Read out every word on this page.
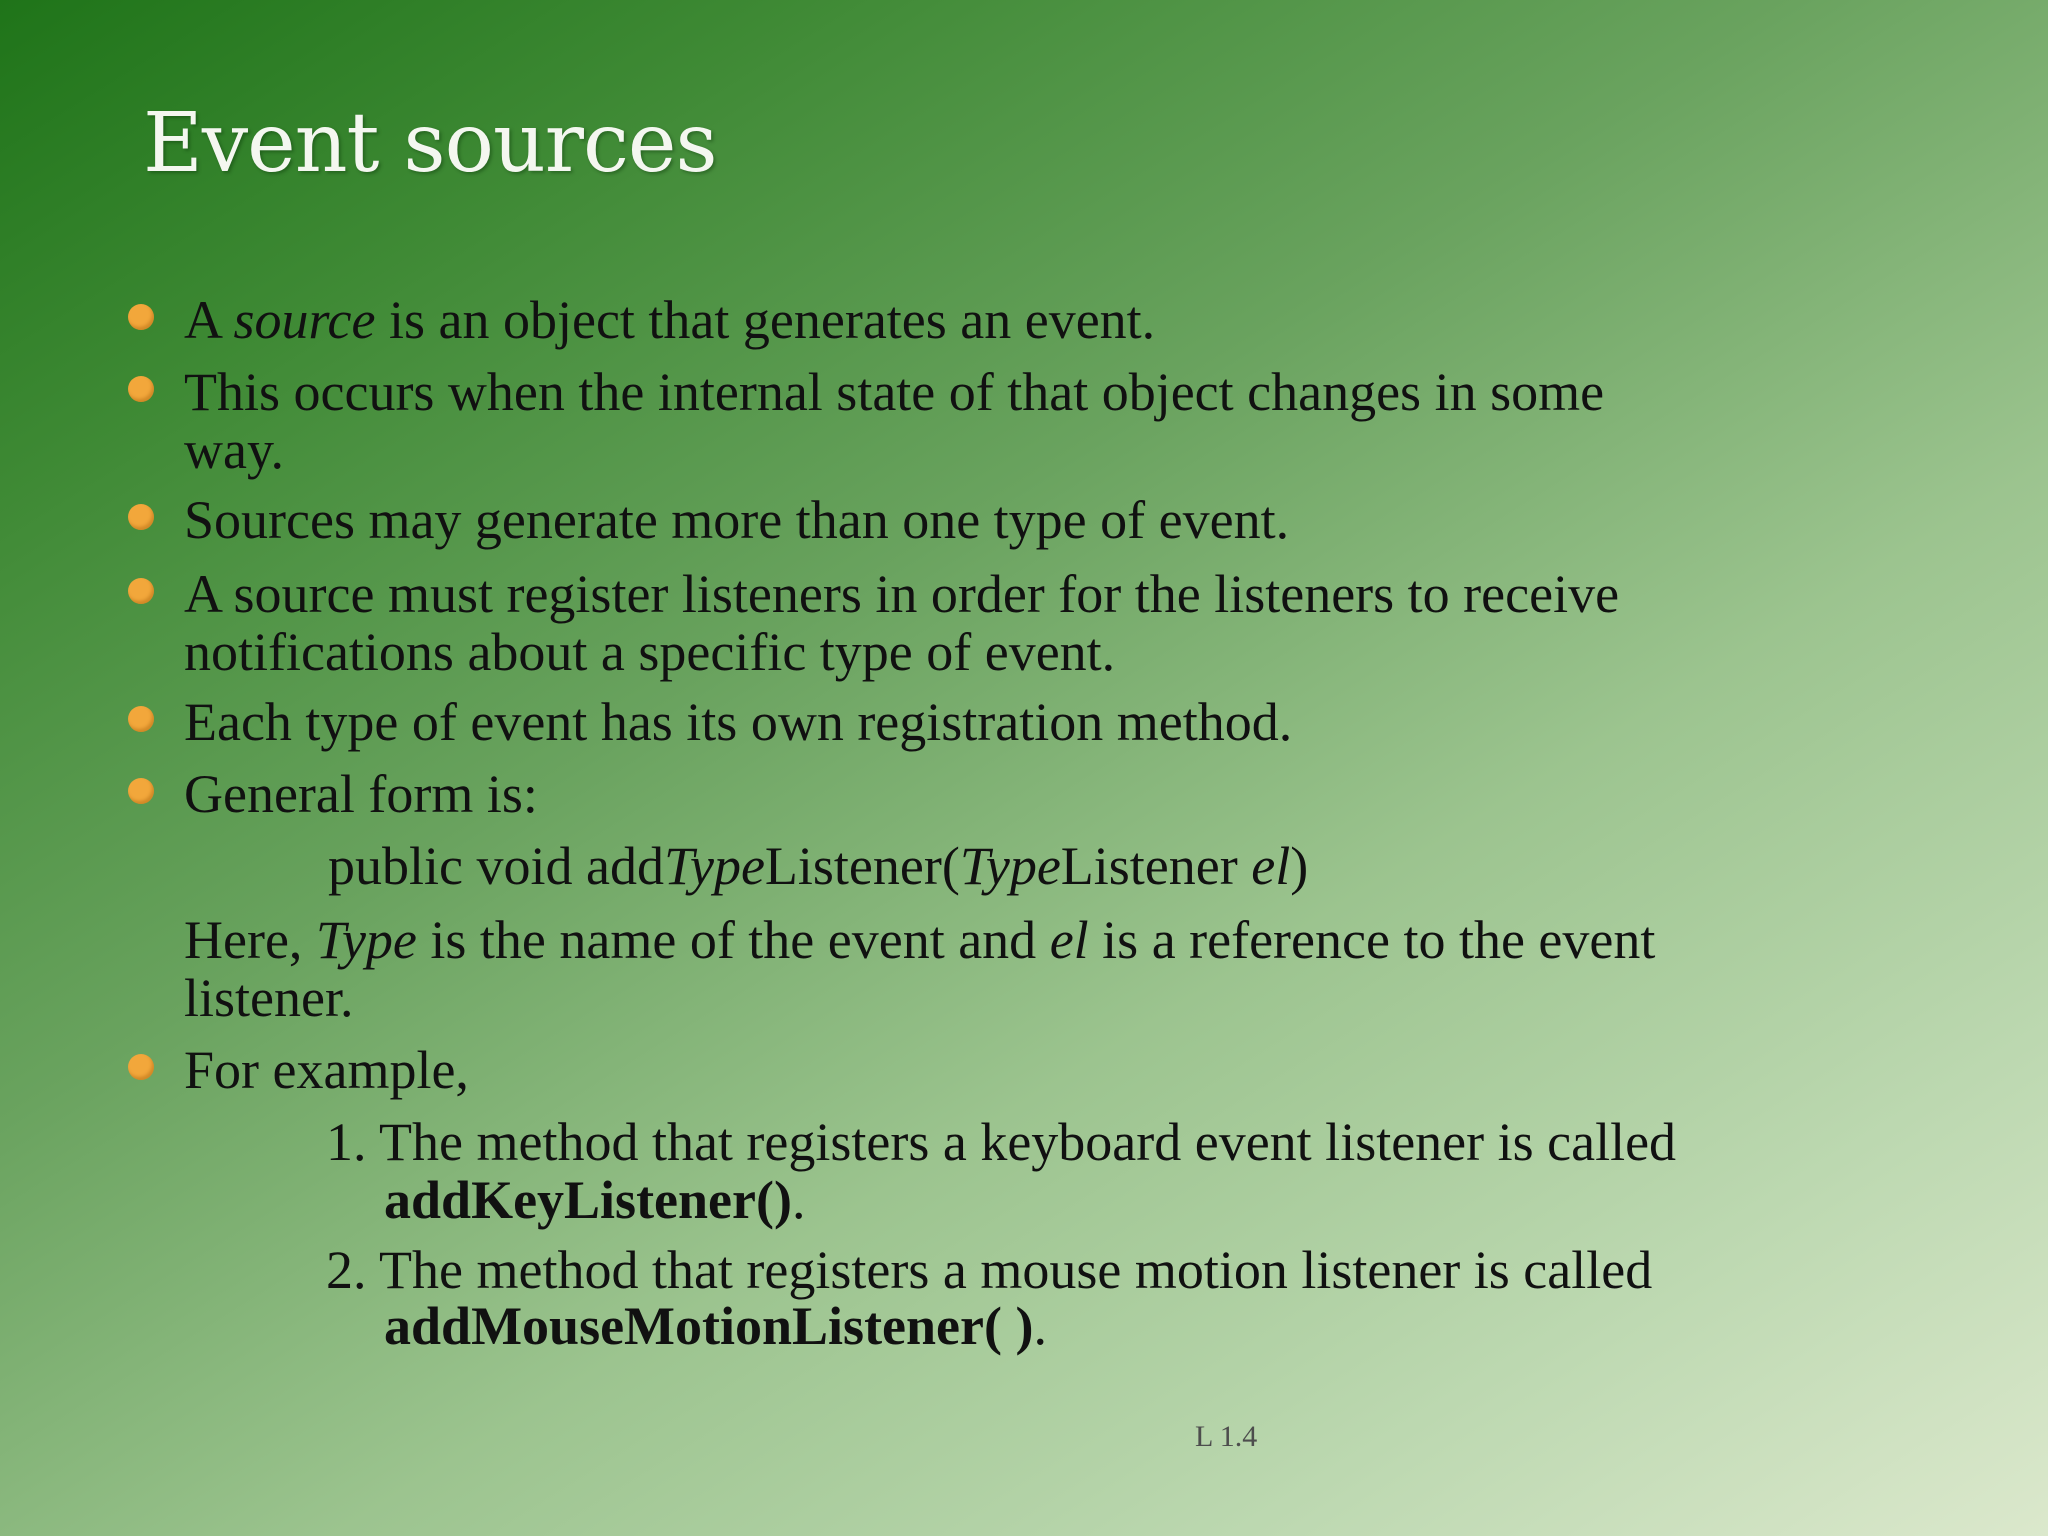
Event sources
A source is an object that generates an event.
This occurs when the internal state of that object changes in some
way.
Sources may generate more than one type of event.
A source must register listeners in order for the listeners to receive
notifications about a specific type of event.
Each type of event has its own registration method.
General form is:
public void addTypeListener(TypeListener el)
Here, Type is the name of the event and el is a reference to the event
listener.
For example,
1. The method that registers a keyboard event listener is called
addKeyListener().
2. The method that registers a mouse motion listener is called
addMouseMotionListener( ).
L 1.4
